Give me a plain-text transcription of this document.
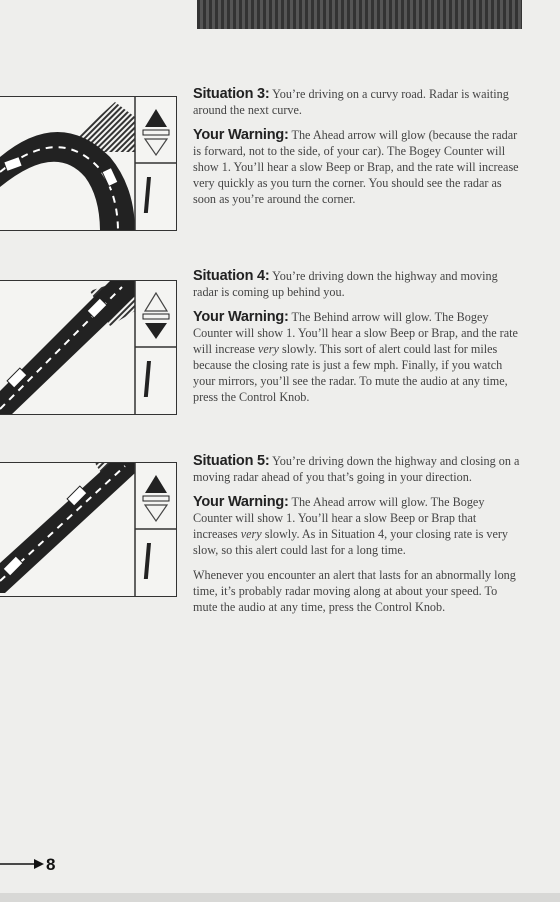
Situation 3: You’re driving on a curvy road. Radar is waiting around the next curve.

Your Warning: The Ahead arrow will glow (because the radar is forward, not to the side, of your car). The Bogey Counter will show 1. You’ll hear a slow Beep or Brap, and the rate will increase very quickly as you turn the corner. You should see the radar as soon as you’re around the corner.

Situation 4: You’re driving down the highway and moving radar is coming up behind you.

Your Warning: The Behind arrow will glow. The Bogey Counter will show 1. You’ll hear a slow Beep or Brap, and the rate will increase very slowly. This sort of alert could last for miles because the closing rate is just a few mph. Finally, if you watch your mirrors, you’ll see the radar. To mute the audio at any time, press the Control Knob.

Situation 5: You’re driving down the highway and closing on a moving radar ahead of you that’s going in your direction.

Your Warning: The Ahead arrow will glow. The Bogey Counter will show 1. You’ll hear a slow Beep or Brap that increases very slowly. As in Situation 4, your closing rate is very slow, so this alert could last for a long time.

Whenever you encounter an alert that lasts for an abnormally long time, it’s probably radar moving along at about your speed. To mute the audio at any time, press the Control Knob.

8
